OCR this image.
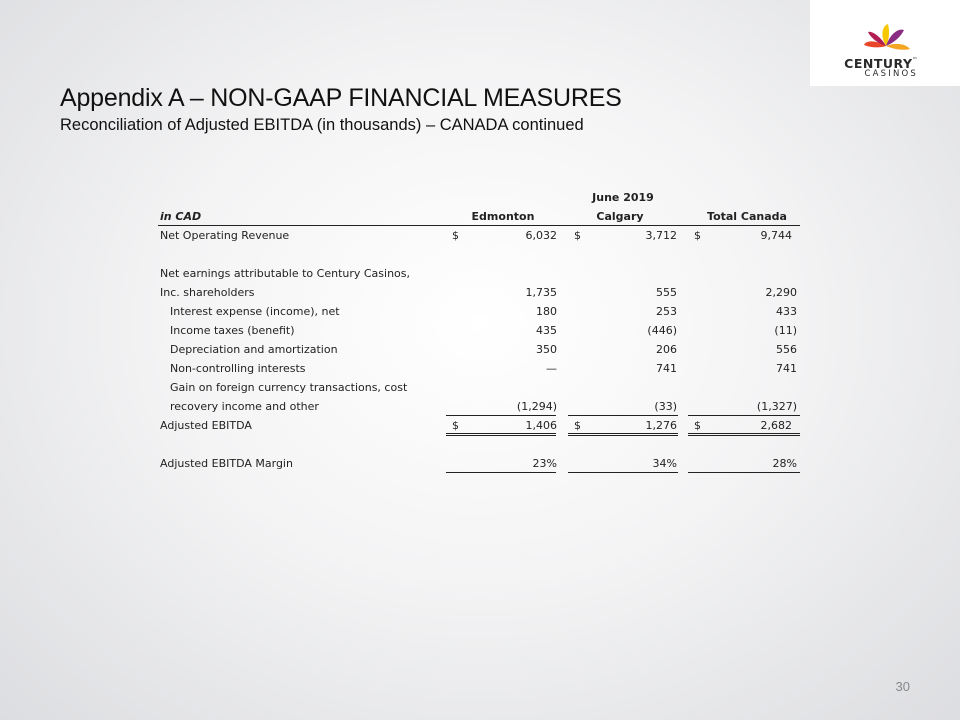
CENTURY™
CASINOS
Appendix A – NON-GAAP FINANCIAL MEASURES
Reconciliation of Adjusted EBITDA (in thousands) – CANADA continued
June 2019
in CAD	Edmonton	Calgary	Total Canada
Net Operating Revenue	$	6,032 $	3,712 $	9,744
Net earnings attributable to Century Casinos,
Inc. shareholders	1,735	555	2,290
Interest expense (income), net	180	253	433
Income taxes (benefit)	435	(446)	(11)
Depreciation and amortization	350	206	556
Non-controlling interests	—	741	741
Gain on foreign currency transactions, cost
recovery income and other	(1,294)	(33)	(1,327)
Adjusted EBITDA	$	1,406 $	1,276 $	2,682
Adjusted EBITDA Margin	23%	34%	28%
30
